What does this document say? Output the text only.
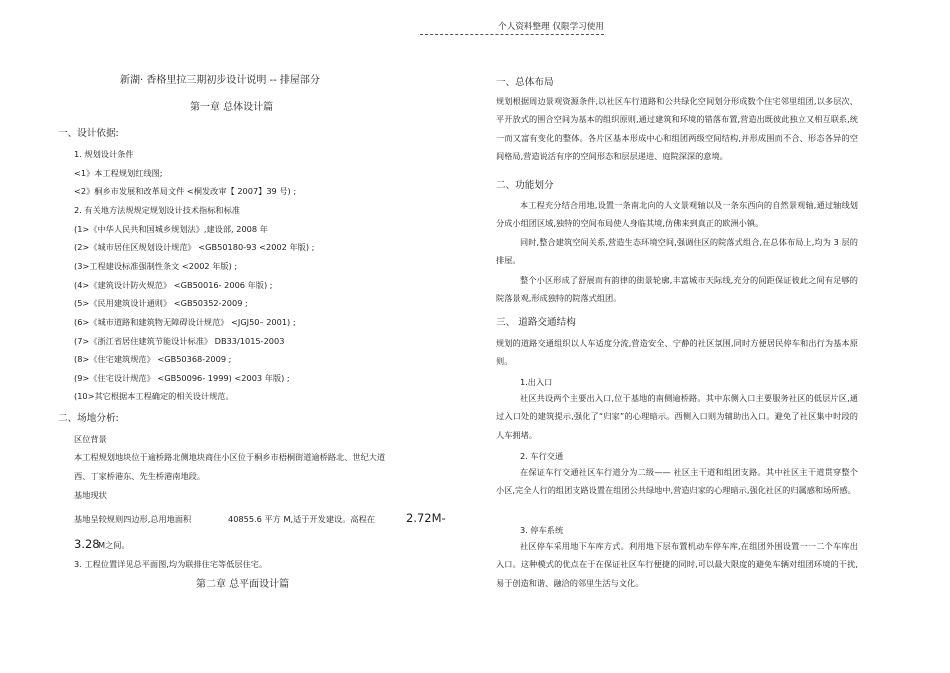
个人资料整理 仅限学习使用
新湖· 香格里拉三期初步设计说明 -- 排屋部分
第一章 总体设计篇
一、设计依据:
1. 规划设计条件
<1》本工程规划红线图;
<2》桐乡市发展和改革局文件 <桐发改审【 2007】39 号) ;
2. 有关地方法规规定规划设计技术指标和标准
(1>《中华人民共和国城乡规划法》,建设部, 2008 年
(2>《城市居住区规划设计规范》 <GB50180-93 <2002 年版) ;
(3>工程建设标准强制性条文 <2002 年版) ;
(4>《建筑设计防火规范》 <GB50016- 2006 年版) ;
(5>《民用建筑设计通则》 <GB50352-2009 ;
(6>《城市道路和建筑物无障碍设计规范》 <JGJ50– 2001) ;
(7>《浙江省居住建筑节能设计标准》 DB33/1015-2003
(8>《住宅建筑规范》 <GB50368-2009 ;
(9>《住宅设计规范》 <GB50096- 1999) <2003 年版) ;
(10>其它根据本工程确定的相关设计规范。
二、场地分析:
区位背景
本工程规划地块位于逾桥路北侧地块商住小区位于桐乡市梧桐街道逾桥路北、世纪大道
西、丁家桥港东、先生桥港南地段。
基地现状
基地呈较规则四边形,总用地面积	40855.6 平方 M,适于开发建设。高程在	2.72M-
3.28
M之间。
3. 工程位置详见总平面图,均为联排住宅等低层住宅。
第二章 总平面设计篇
一、总体布局
规划根据周边景观资源条件,以社区车行道路和公共绿化空间划分形成数个住宅邻里组团,以多层次、平开放式的围合空间为基本的组织原则,通过建筑和环境的错落布置,营造出既彼此独立又相互联系,统一而又富有变化的整体。各片区基本形成中心和组团两级空间结构,并形成围而不合、形态各异的空间格局,营造说活有序的空间形态和层层递进、庭院深深的意境。
二、功能划分
本工程充分结合用地,设置一条南北向的人文景观轴以及一条东西向的自然景观轴,通过轴线划分成小组团区域,独特的空间布局使人身临其境,仿佛来到真正的欧洲小镇。
同时,整合建筑空间关系,营造生态环境空间,强调住区的院落式组合,在总体布局上,均为 3 层的排屋。
整个小区形成了舒展而有韵律的街景轮廓,丰富城市天际线,充分的间距保证彼此之间有足够的院落景观,形成独特的院落式组团。
三、 道路交通结构
规划的道路交通组织以人车适度分流,营造安全、宁静的社区氛围,同时方便居民停车和出行为基本原则。
1.出入口
社区共设两个主要出入口,位于基地的南侧逾桥路。其中东侧入口主要服务社区的低层片区,通过入口处的建筑提示,强化了“归家”的心理暗示。西侧入口则为辅助出入口。避免了社区集中时段的人车拥堵。
2. 车行交通
在保证车行交通社区车行道分为二级—— 社区主干道和组团支路。其中社区主干道贯穿整个小区,完全人行的组团支路设置在组团公共绿地中,营造归家的心理暗示,强化社区的归属感和场所感。
3. 停车系统
社区停车采用地下车库方式。利用地下层布置机动车停车库,在组团外围设置一一二个车库出入口。这种模式的优点在于在保证社区车行便捷的同时,可以最大限度的避免车辆对组团环境的干扰,易于创造和谐、融洽的邻里生活与文化。
